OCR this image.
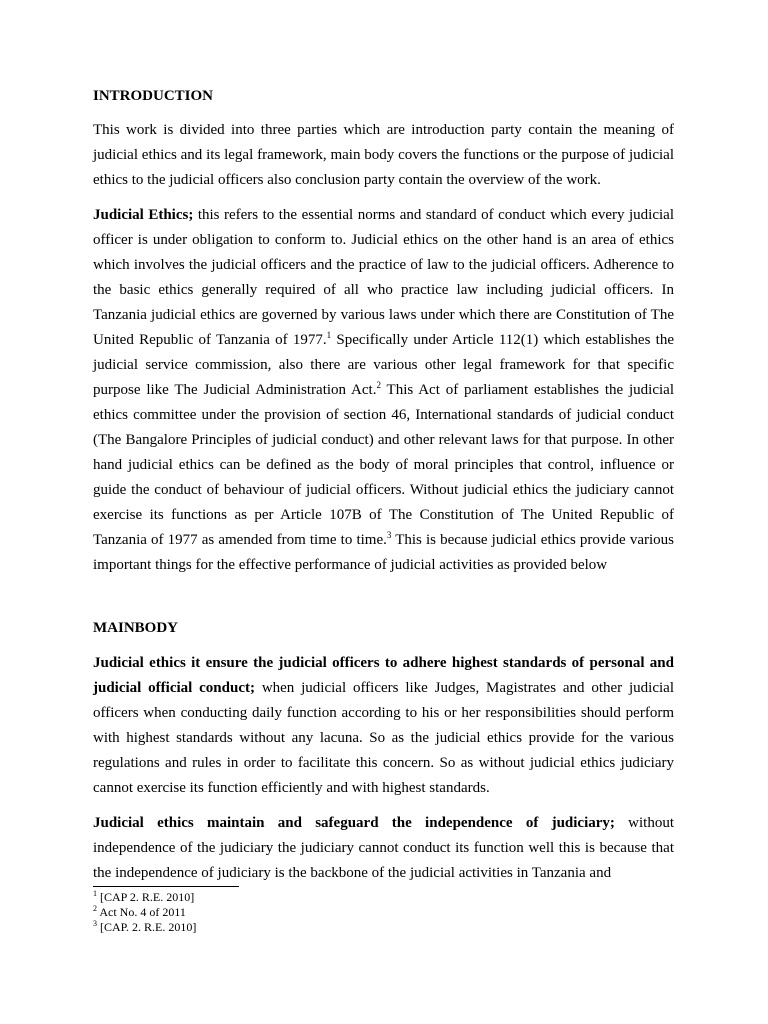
INTRODUCTION

This work is divided into three parties which are introduction party contain the meaning of judicial ethics and its legal framework, main body covers the functions or the purpose of judicial ethics to the judicial officers also conclusion party contain the overview of the work.

Judicial Ethics; this refers to the essential norms and standard of conduct which every judicial officer is under obligation to conform to. Judicial ethics on the other hand is an area of ethics which involves the judicial officers and the practice of law to the judicial officers. Adherence to the basic ethics generally required of all who practice law including judicial officers. In Tanzania judicial ethics are governed by various laws under which there are Constitution of The United Republic of Tanzania of 1977.$^1$ Specifically under Article 112(1) which establishes the judicial service commission, also there are various other legal framework for that specific purpose like The Judicial Administration Act.$^2$ This Act of parliament establishes the judicial ethics committee under the provision of section 46, International standards of judicial conduct (The Bangalore Principles of judicial conduct) and other relevant laws for that purpose. In other hand judicial ethics can be defined as the body of moral principles that control, influence or guide the conduct of behaviour of judicial officers. Without judicial ethics the judiciary cannot exercise its functions as per Article 107B of The Constitution of The United Republic of Tanzania of 1977 as amended from time to time.$^3$ This is because judicial ethics provide various important things for the effective performance of judicial activities as provided below

MAINBODY

Judicial ethics it ensure the judicial officers to adhere highest standards of personal and judicial official conduct; when judicial officers like Judges, Magistrates and other judicial officers when conducting daily function according to his or her responsibilities should perform with highest standards without any lacuna. So as the judicial ethics provide for the various regulations and rules in order to facilitate this concern. So as without judicial ethics judiciary cannot exercise its function efficiently and with highest standards.

Judicial ethics maintain and safeguard the independence of judiciary; without independence of the judiciary the judiciary cannot conduct its function well this is because that the independence of judiciary is the backbone of the judicial activities in Tanzania and

$^1$ [CAP 2. R.E. 2010]
$^2$ Act No. 4 of 2011
$^3$ [CAP. 2. R.E. 2010]
